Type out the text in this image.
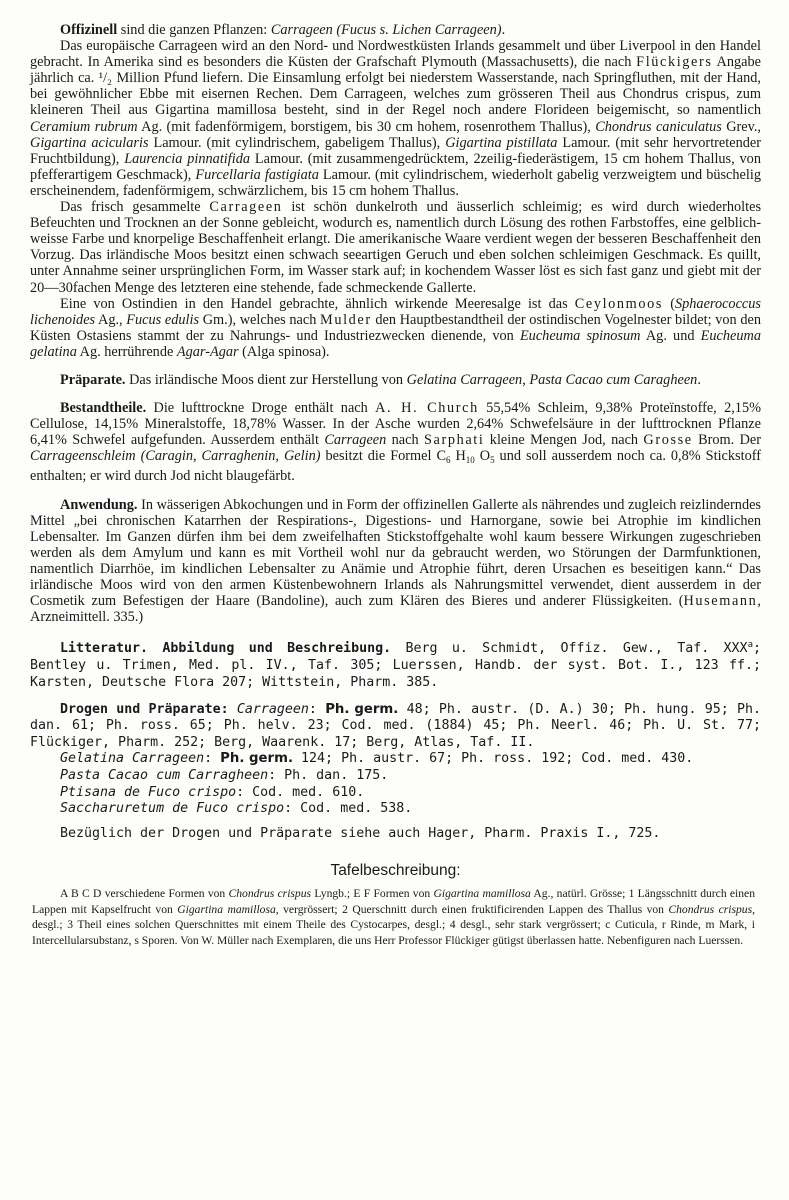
Offizinell sind die ganzen Pflanzen: Carrageen (Fucus s. Lichen Carrageen).

Das europäische Carrageen wird an den Nord- und Nordwestküsten Irlands gesammelt und über Liverpool in den Handel gebracht. In Amerika sind es besonders die Küsten der Grafschaft Plymouth (Massachusetts), die nach Flückigers Angabe jährlich ca. ¹/₂ Million Pfund liefern. Die Einsamlung erfolgt bei niederstem Wasserstande, nach Springfluthen, mit der Hand, bei gewöhnlicher Ebbe mit eisernen Rechen. Dem Carrageen, welches zum grösseren Theil aus Chondrus crispus, zum kleineren Theil aus Gigartina mamillosa besteht, sind in der Regel noch andere Florideen beigemischt, so namentlich Ceramium rubrum Ag. (mit fadenförmigem, borstigem, bis 30 cm hohem, rosenrothem Thallus), Chondrus caniculatus Grev., Gigartina acicularis Lamour. (mit cylindrischem, gabeligem Thallus), Gigartina pistillata Lamour. (mit sehr hervortretender Fruchtbildung), Laurencia pinnatifida Lamour. (mit zusammengedrücktem, 2zeilig-fiederästigem, 15 cm hohem Thallus, von pfefferartigem Geschmack), Furcellaria fastigiata Lamour. (mit cylindrischem, wiederholt gabelig verzweigtem und büschelig erscheinendem, fadenförmigem, schwärzlichem, bis 15 cm hohem Thallus.

Das frisch gesammelte Carrageen ist schön dunkelroth und äusserlich schleimig; es wird durch wiederholtes Befeuchten und Trocknen an der Sonne gebleicht, wodurch es, namentlich durch Lösung des rothen Farbstoffes, eine gelblich-weisse Farbe und knorpelige Beschaffenheit erlangt. Die amerikanische Waare verdient wegen der besseren Beschaffenheit den Vorzug. Das irländische Moos besitzt einen schwach seeartigen Geruch und eben solchen schleimigen Geschmack. Es quillt, unter Annahme seiner ursprünglichen Form, im Wasser stark auf; in kochendem Wasser löst es sich fast ganz und giebt mit der 20—30fachen Menge des letzteren eine stehende, fade schmeckende Gallerte.

Eine von Ostindien in den Handel gebrachte, ähnlich wirkende Meeresalge ist das Ceylonmoos (Sphaerococcus lichenoides Ag., Fucus edulis Gm.), welches nach Mulder den Hauptbestandtheil der ostindischen Vogelnester bildet; von den Küsten Ostasiens stammt der zu Nahrungs- und Industriezwecken dienende, von Eucheuma spinosum Ag. und Eucheuma gelatina Ag. herrührende Agar-Agar (Alga spinosa).

Präparate. Das irländische Moos dient zur Herstellung von Gelatina Carrageen, Pasta Cacao cum Caragheen.

Bestandtheile. Die lufttrockne Droge enthält nach A. H. Church 55,54% Schleim, 9,38% Proteïnstoffe, 2,15% Cellulose, 14,15% Mineralstoffe, 18,78% Wasser. In der Asche wurden 2,64% Schwefelsäure in der lufttrocknen Pflanze 6,41% Schwefel aufgefunden. Ausserdem enthält Carrageen nach Sarphati kleine Mengen Jod, nach Grosse Brom. Der Carrageenschleim (Caragin, Carraghenin, Gelin) besitzt die Formel $C_6$ $H_{10}$ $O_5$ und soll ausserdem noch ca. 0,8% Stickstoff enthalten; er wird durch Jod nicht blaugefärbt.

Anwendung. In wässerigen Abkochungen und in Form der offizinellen Gallerte als nährendes und zugleich reizlinderndes Mittel „bei chronischen Katarrhen der Respirations-, Digestions- und Harnorgane, sowie bei Atrophie im kindlichen Lebensalter. Im Ganzen dürfen ihm bei dem zweifelhaften Stickstoffgehalte wohl kaum bessere Wirkungen zugeschrieben werden als dem Amylum und kann es mit Vortheil wohl nur da gebraucht werden, wo Störungen der Darmfunktionen, namentlich Diarrhöe, im kindlichen Lebensalter zu Anämie und Atrophie führt, deren Ursachen es beseitigen kann.“ Das irländische Moos wird von den armen Küstenbewohnern Irlands als Nahrungsmittel verwendet, dient ausserdem in der Cosmetik zum Befestigen der Haare (Bandoline), auch zum Klären des Bieres und anderer Flüssigkeiten. (Husemann, Arzneimittell. 335.)

Litteratur. Abbildung und Beschreibung. Berg u. Schmidt, Offiz. Gew., Taf. XXX$^a$; Bentley u. Trimen, Med. pl. IV., Taf. 305; Luerssen, Handb. der syst. Bot. I., 123 ff.; Karsten, Deutsche Flora 207; Wittstein, Pharm. 385.

Drogen und Präparate: Carrageen: Ph. germ. 48; Ph. austr. (D. A.) 30; Ph. hung. 95; Ph. dan. 61; Ph. ross. 65; Ph. helv. 23; Cod. med. (1884) 45; Ph. Neerl. 46; Ph. U. St. 77; Flückiger, Pharm. 252; Berg, Waarenk. 17; Berg, Atlas, Taf. II.

Gelatina Carrageen: Ph. germ. 124; Ph. austr. 67; Ph. ross. 192; Cod. med. 430.

Pasta Cacao cum Carragheen: Ph. dan. 175.

Ptisana de Fuco crispo: Cod. med. 610.

Saccharuretum de Fuco crispo: Cod. med. 538.

Bezüglich der Drogen und Präparate siehe auch Hager, Pharm. Praxis I., 725.

Tafelbeschreibung:

A B C D verschiedene Formen von Chondrus crispus Lyngb.; E F Formen von Gigartina mamillosa Ag., natürl. Grösse; 1 Längsschnitt durch einen Lappen mit Kapselfrucht von Gigartina mamillosa, vergrössert; 2 Querschnitt durch einen fruktificirenden Lappen des Thallus von Chondrus crispus, desgl.; 3 Theil eines solchen Querschnittes mit einem Theile des Cystocarpes, desgl.; 4 desgl., sehr stark vergrössert; c Cuticula, r Rinde, m Mark, i Intercellularsubstanz, s Sporen. Von W. Müller nach Exemplaren, die uns Herr Professor Flückiger gütigst überlassen hatte. Nebenfiguren nach Luerssen.
